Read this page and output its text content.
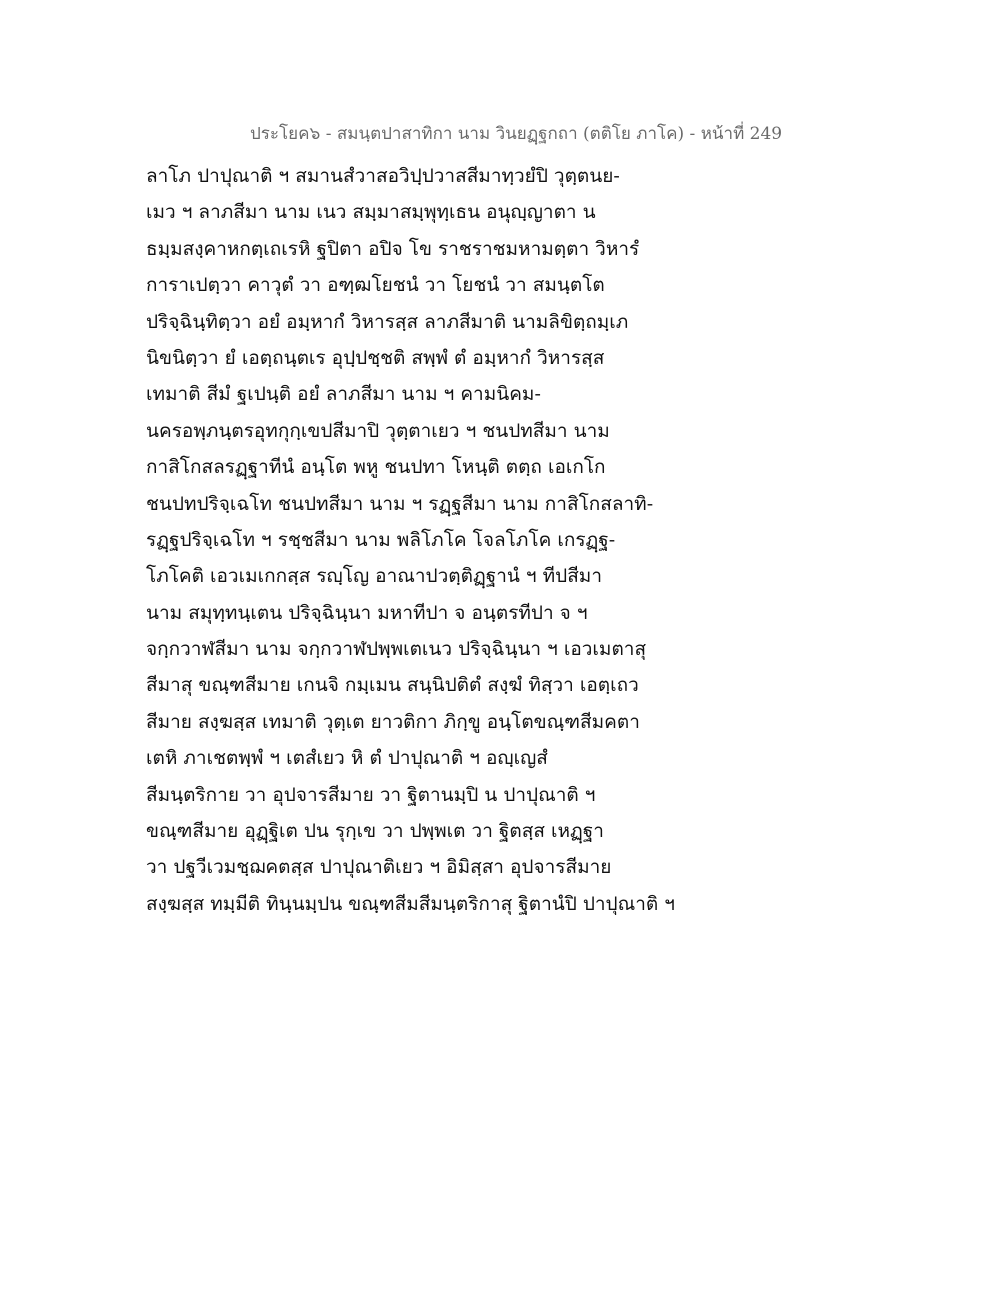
ประโยค๖ - สมนฺตปาสาทิกา นาม วินยฏฺฐกถา (ตติโย ภาโค) - หน้าที่ 249
ลาโภ ปาปุณาติ ฯ สมานสํวาสอวิปฺปวาสสีมาทฺวยํปิ วุตฺตนย-
เมว ฯ ลาภสีมา นาม เนว สมฺมาสมฺพุทฺเธน อนุญฺญาตา น
ธมฺมสงฺคาหกตฺเถเรหิ ฐปิตา อปิจ โข ราชราชมหามตฺตา วิหารํ
การาเปตฺวา คาวุตํ วา อฑฺฒโยชนํ วา โยชนํ วา สมนฺตโต
ปริจฺฉินฺทิตฺวา อยํ อมฺหากํ วิหารสฺส ลาภสีมาติ นามลิขิตฺถมฺเภ
นิขนิตฺวา ยํ เอตฺถนฺตเร อุปฺปชฺชติ สพฺพํ ตํ อมฺหากํ วิหารสฺส
เทมาติ สีมํ ฐเปนฺติ อยํ ลาภสีมา นาม ฯ คามนิคม-
นครอพฺภนฺตรอุทกุกฺเขปสีมาปิ วุตฺตาเยว ฯ ชนปทสีมา นาม
กาสิโกสลรฏฺฐาทีนํ อนฺโต พหู ชนปทา โหนฺติ ตตฺถ เอเกโก
ชนปทปริจฺเฉโท ชนปทสีมา นาม ฯ รฏฺฐสีมา นาม กาสิโกสลาทิ-
รฏฺฐปริจฺเฉโท ฯ รชฺชสีมา นาม พลิโภโค โจลโภโค เกรฏฺฐ-
โภโคติ เอวเมเกกสฺส รญฺโญ อาณาปวตฺติฏฺฐานํ ฯ ทีปสีมา
นาม สมุทฺทนฺเตน ปริจฺฉินฺนา มหาทีปา จ อนฺตรทีปา จ ฯ
จกฺกวาฬสีมา นาม จกฺกวาฬปพฺพเตเนว ปริจฺฉินฺนา ฯ เอวเมตาสุ
สีมาสุ ขณฺฑสีมาย เกนจิ กมฺเมน สนฺนิปติตํ สงฺฆํ ทิสฺวา เอตฺเถว
สีมาย สงฺฆสฺส เทมาติ วุตฺเต ยาวติกา ภิกฺขู อนฺโตขณฺฑสีมคตา
เตหิ ภาเชตพฺพํ ฯ เตสํเยว หิ ตํ ปาปุณาติ ฯ อญฺเญสํ
สีมนฺตริกาย วา อุปจารสีมาย วา ฐิตานมฺปิ น ปาปุณาติ ฯ
ขณฺฑสีมาย อุฏฺฐิเต ปน รุกฺเข วา ปพฺพเต วา ฐิตสฺส เหฏฺฐา
วา ปฐวีเวมชฺฌคตสฺส ปาปุณาติเยว ฯ อิมิสฺสา อุปจารสีมาย
สงฺฆสฺส ทมฺมีติ ทินฺนมฺปน ขณฺฑสีมสีมนฺตริกาสุ ฐิตานํปิ ปาปุณาติ ฯ
